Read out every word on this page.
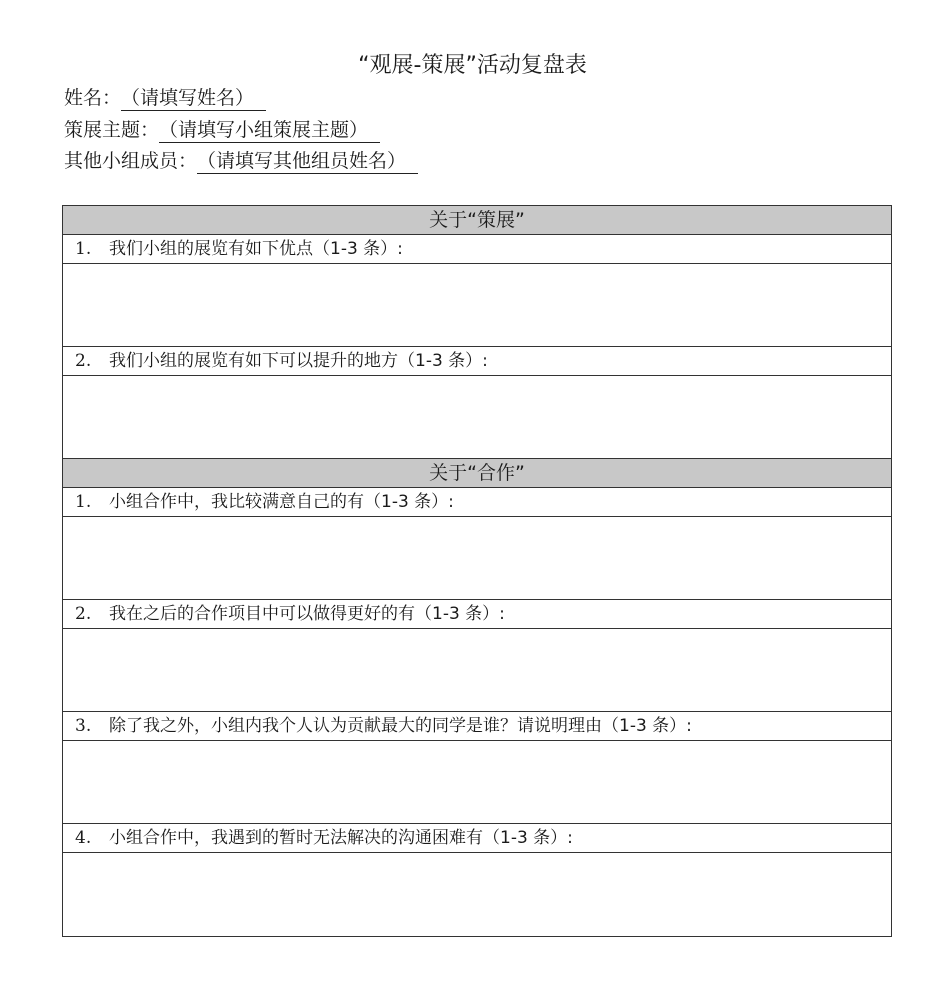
“观展-策展”活动复盘表
姓名：（请填写姓名）
策展主题：（请填写小组策展主题）
其他小组成员：（请填写其他组员姓名）
关于“策展”
1. 我们小组的展览有如下优点（1-3 条）:
2. 我们小组的展览有如下可以提升的地方（1-3 条）:
关于“合作”
1. 小组合作中，我比较满意自己的有（1-3 条）:
2. 我在之后的合作项目中可以做得更好的有（1-3 条）:
3. 除了我之外，小组内我个人认为贡献最大的同学是谁？请说明理由（1-3 条）:
4. 小组合作中，我遇到的暂时无法解决的沟通困难有（1-3 条）:
